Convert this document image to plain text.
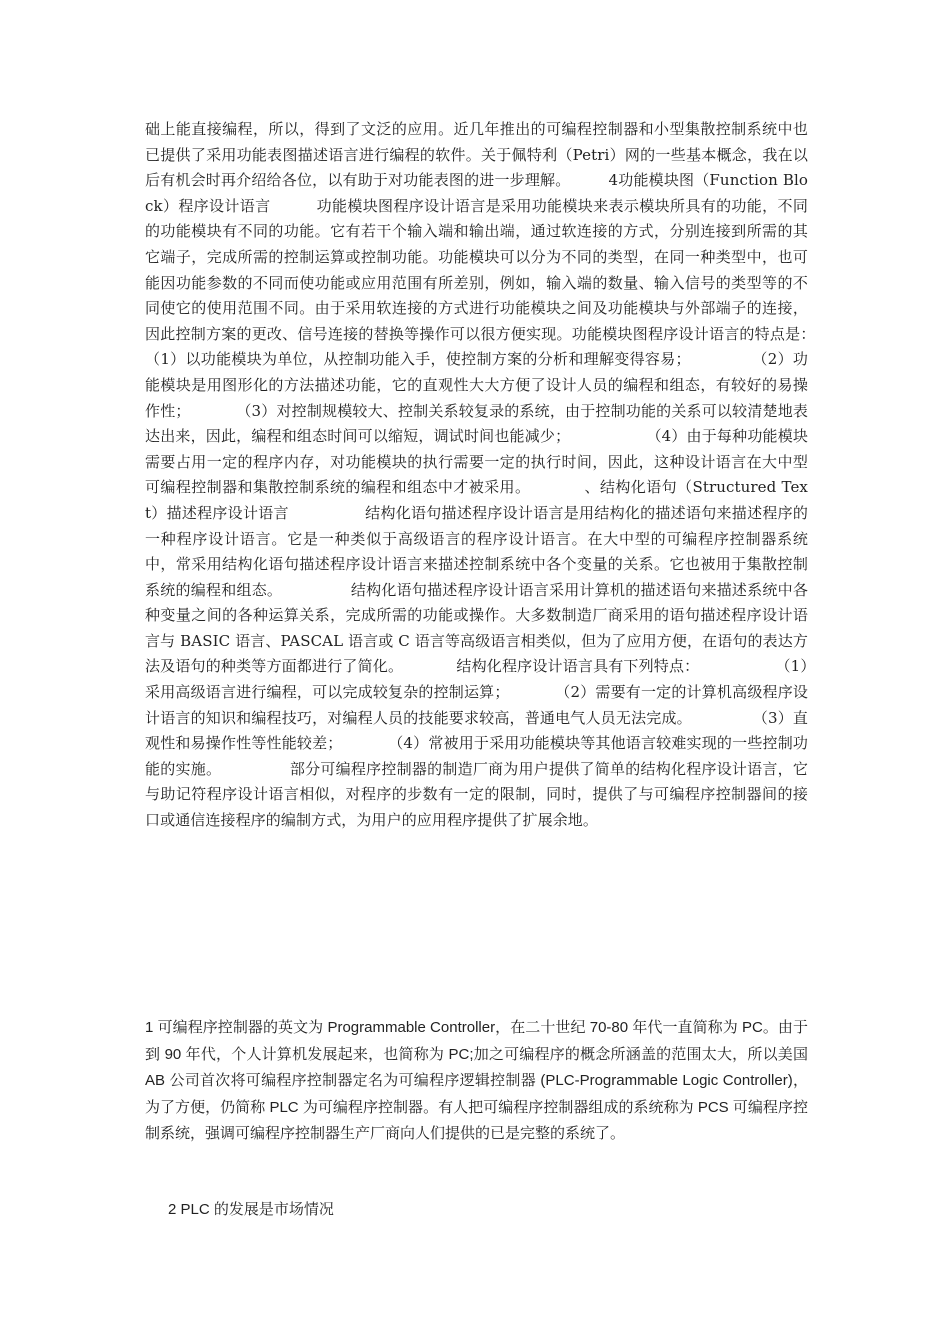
础上能直接编程，所以，得到了文泛的应用。近几年推出的可编程控制器和小型集散控制系统中也已提供了采用功能表图描述语言进行编程的软件。关于佩特利（Petri）网的一些基本概念，我在以后有机会时再介绍给各位，以有助于对功能表图的进一步理解。　　　4功能模块图（Function Block）程序设计语言　　　功能模块图程序设计语言是采用功能模块来表示模块所具有的功能，不同的功能模块有不同的功能。它有若干个输入端和输出端，通过软连接的方式，分别连接到所需的其它端子，完成所需的控制运算或控制功能。功能模块可以分为不同的类型，在同一种类型中，也可能因功能参数的不同而使功能或应用范围有所差别，例如，输入端的数量、输入信号的类型等的不同使它的使用范围不同。由于采用软连接的方式进行功能模块之间及功能模块与外部端子的连接，因此控制方案的更改、信号连接的替换等操作可以很方便实现。功能模块图程序设计语言的特点是：　　　　　　（1）以功能模块为单位，从控制功能入手，使控制方案的分析和理解变得容易；　　　　　（2）功能模块是用图形化的方法描述功能，它的直观性大大方便了设计人员的编程和组态，有较好的易操作性；　　　　（3）对控制规模较大、控制关系较复录的系统，由于控制功能的关系可以较清楚地表达出来，因此，编程和组态时间可以缩短，调试时间也能减少；　　　　　　（4）由于每种功能模块需要占用一定的程序内存，对功能模块的执行需要一定的执行时间，因此，这种设计语言在大中型可编程控制器和集散控制系统的编程和组态中才被采用。　　　　、结构化语句（Structured Text）描述程序设计语言　　　　　结构化语句描述程序设计语言是用结构化的描述语句来描述程序的一种程序设计语言。它是一种类似于高级语言的程序设计语言。在大中型的可编程序控制器系统中，常采用结构化语句描述程序设计语言来描述控制系统中各个变量的关系。它也被用于集散控制系统的编程和组态。　　　　　结构化语句描述程序设计语言采用计算机的描述语句来描述系统中各种变量之间的各种运算关系，完成所需的功能或操作。大多数制造厂商采用的语句描述程序设计语言与 BASIC 语言、PASCAL 语言或 C 语言等高级语言相类似，但为了应用方便，在语句的表达方法及语句的种类等方面都进行了简化。　　　　结构化程序设计语言具有下列特点：　　　　　　（1）采用高级语言进行编程，可以完成较复杂的控制运算；　　　　（2）需要有一定的计算机高级程序设计语言的知识和编程技巧，对编程人员的技能要求较高，普通电气人员无法完成。　　　　　（3）直观性和易操作性等性能较差；　　　　（4）常被用于采用功能模块等其他语言较难实现的一些控制功能的实施。　　　　　部分可编程序控制器的制造厂商为用户提供了简单的结构化程序设计语言，它与助记符程序设计语言相似，对程序的步数有一定的限制，同时，提供了与可编程序控制器间的接口或通信连接程序的编制方式，为用户的应用程序提供了扩展余地。

1 可编程序控制器的英文为 Programmable Controller，在二十世纪 70-80 年代一直简称为 PC。由于到 90 年代，个人计算机发展起来，也简称为 PC;加之可编程序的概念所涵盖的范围太大，所以美国 AB 公司首次将可编程序控制器定名为可编程序逻辑控制器 (PLC-Programmable Logic Controller)，为了方便，仍简称 PLC 为可编程序控制器。有人把可编程序控制器组成的系统称为 PCS 可编程序控制系统，强调可编程序控制器生产厂商向人们提供的已是完整的系统了。

2 PLC 的发展是市场情况
